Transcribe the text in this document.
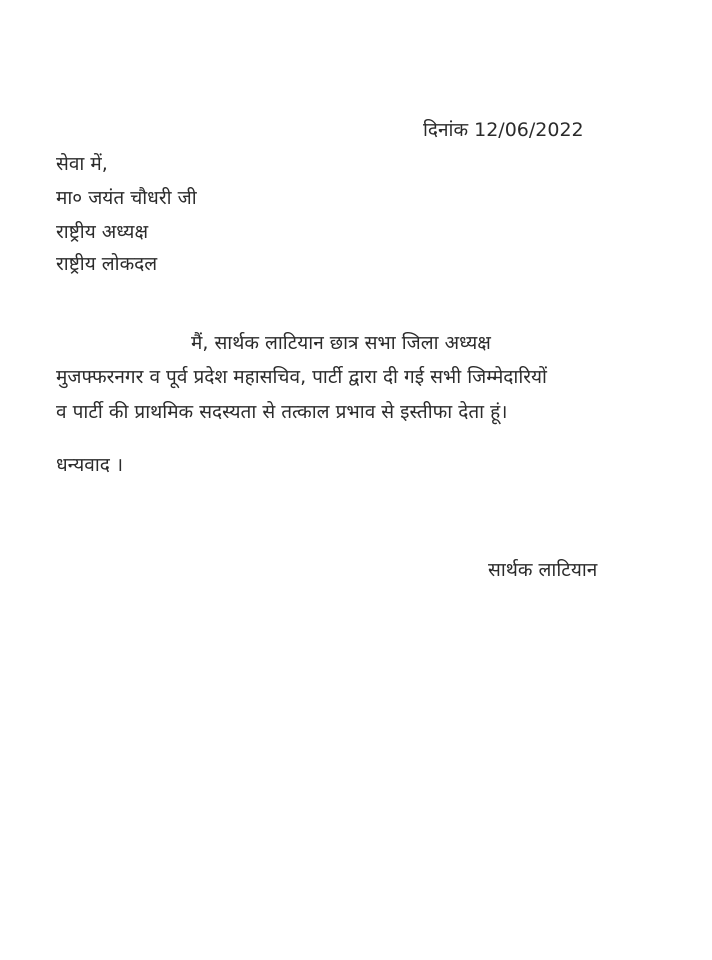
दिनांक 12/06/2022
सेवा में,
मा० जयंत चौधरी जी
राष्ट्रीय अध्यक्ष
राष्ट्रीय लोकदल
मैं, सार्थक लाटियान छात्र सभा जिला अध्यक्ष
मुजफ्फरनगर व पूर्व प्रदेश महासचिव, पार्टी द्वारा दी गई सभी जिम्मेदारियों
व पार्टी की प्राथमिक सदस्यता से तत्काल प्रभाव से इस्तीफा देता हूं।
धन्यवाद ।
सार्थक लाटियान
